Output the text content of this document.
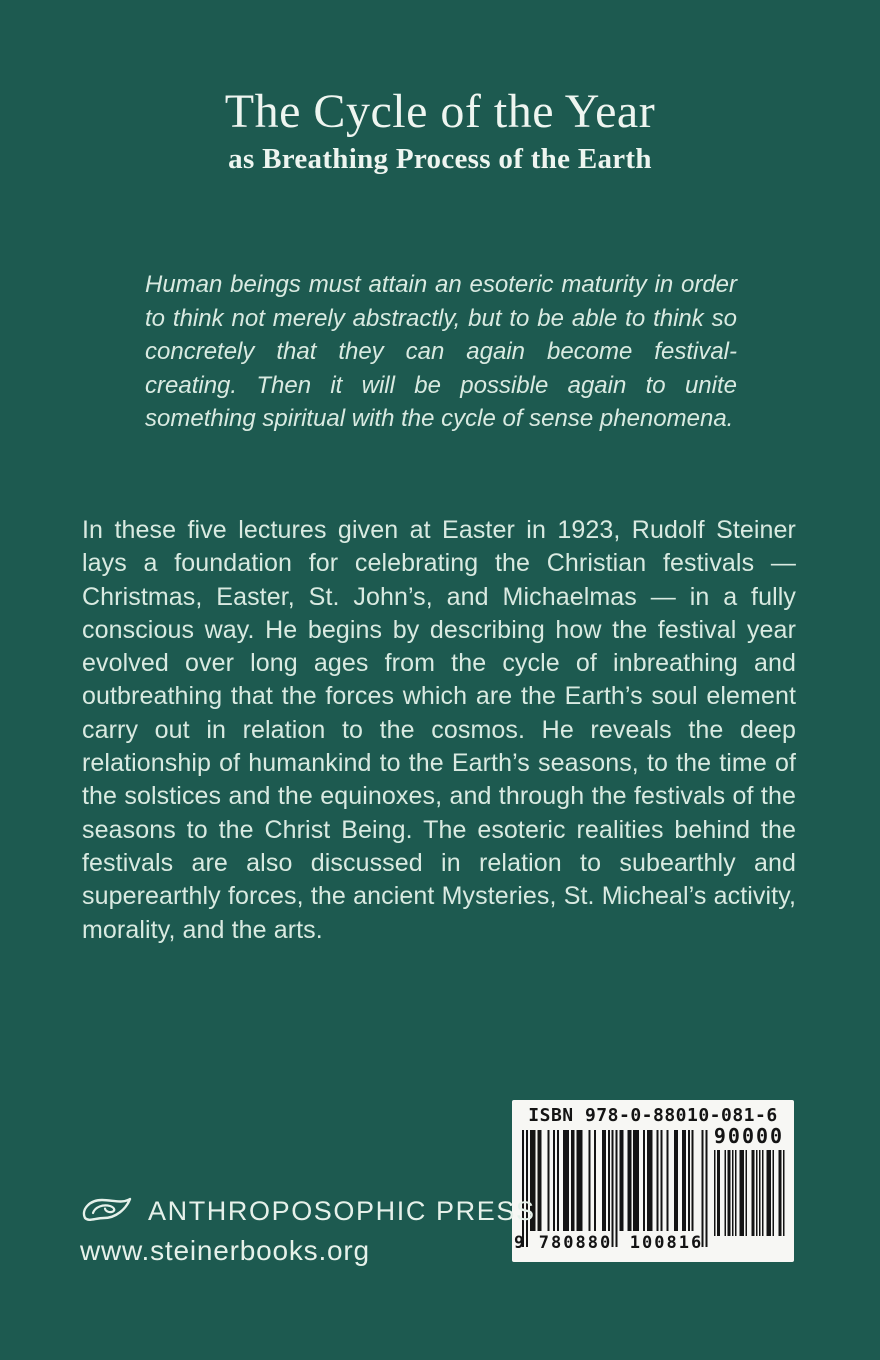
The Cycle of the Year
as Breathing Process of the Earth
Human beings must attain an esoteric maturity in order to think not merely abstractly, but to be able to think so concretely that they can again become festival-creating. Then it will be possible again to unite something spiritual with the cycle of sense phenomena.

In these five lectures given at Easter in 1923, Rudolf Steiner lays a foundation for celebrating the Christian festivals — Christmas, Easter, St. John’s, and Michaelmas — in a fully conscious way. He begins by describing how the festival year evolved over long ages from the cycle of inbreathing and outbreathing that the forces which are the Earth’s soul element carry out in relation to the cosmos. He reveals the deep relationship of humankind to the Earth’s seasons, to the time of the solstices and the equinoxes, and through the festivals of the seasons to the Christ Being. The esoteric realities behind the festivals are also discussed in relation to subearthly and superearthly forces, the ancient Mysteries, St. Micheal’s activity, morality, and the arts.

ISBN 978-0-88010-081-6
9 780880	100816
90000
ANTHROPOSOPHIC PRESS
www.steinerbooks.org
